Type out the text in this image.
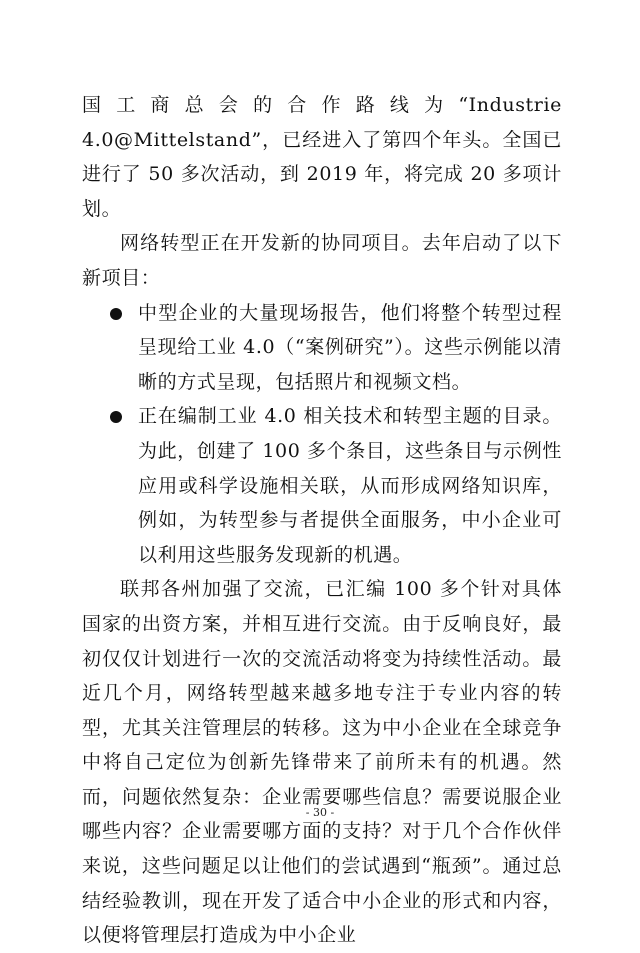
国工商总会的合作路线为“Industrie 4.0@Mittelstand”，已经进入了第四个年头。全国已进行了 50 多次活动，到 2019 年，将完成 20 多项计划。

网络转型正在开发新的协同项目。去年启动了以下新项目：

中型企业的大量现场报告，他们将整个转型过程呈现给工业 4.0（“案例研究”）。这些示例能以清晰的方式呈现，包括照片和视频文档。
正在编制工业 4.0 相关技术和转型主题的目录。为此，创建了 100 多个条目，这些条目与示例性应用或科学设施相关联，从而形成网络知识库，例如，为转型参与者提供全面服务，中小企业可以利用这些服务发现新的机遇。

联邦各州加强了交流，已汇编 100 多个针对具体国家的出资方案，并相互进行交流。由于反响良好，最初仅仅计划进行一次的交流活动将变为持续性活动。最近几个月，网络转型越来越多地专注于专业内容的转型，尤其关注管理层的转移。这为中小企业在全球竞争中将自己定位为创新先锋带来了前所未有的机遇。然而，问题依然复杂：企业需要哪些信息？需要说服企业哪些内容？企业需要哪方面的支持？对于几个合作伙伴来说，这些问题足以让他们的尝试遇到“瓶颈”。通过总结经验教训，现在开发了适合中小企业的形式和内容，以便将管理层打造成为中小企业

- 30 -
